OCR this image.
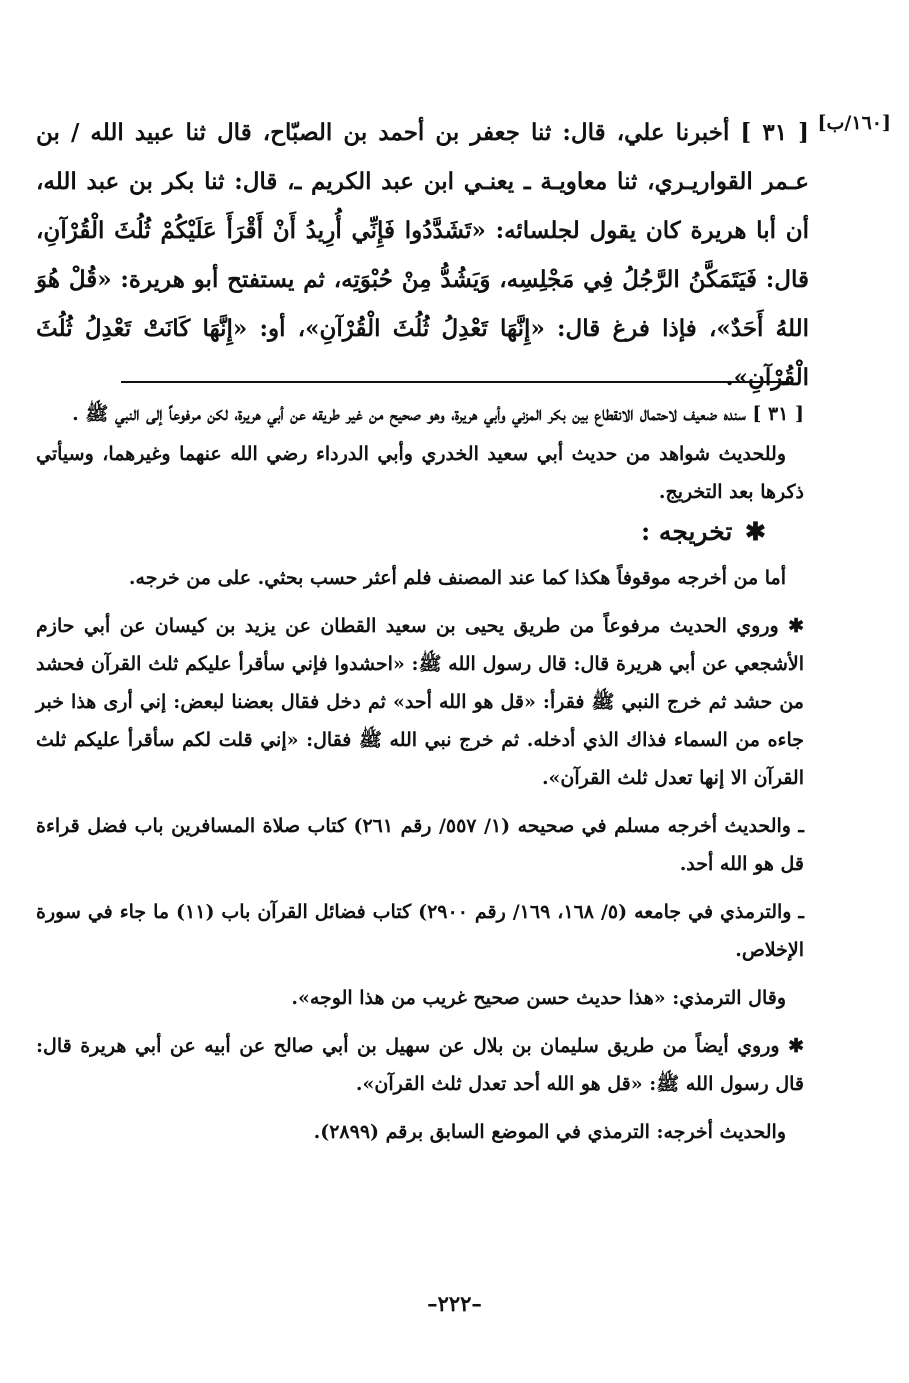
[١٦٠/ب]
[ ٣١ ] أخبرنا علي، قال: ثنا جعفر بن أحمد بن الصبّاح، قال ثنا عبيد الله / بن عـمر القواريـري، ثنا معاويـة ـ يعنـي ابن عبد الكريم ـ، قال: ثنا بكر بن عبد الله، أن أبا هريرة كان يقول لجلسائه: «تَشَدَّدُوا فَإِنِّي أُرِيدُ أَنْ أَقْرَأَ عَلَيْكُمْ ثُلُثَ الْقُرْآنِ، قال: فَيَتَمَكَّنُ الرَّجُلُ فِي مَجْلِسِه، وَيَشُدُّ مِنْ حُبْوَتِه، ثم يستفتح أبو هريرة: «قُلْ هُوَ اللهُ أَحَدٌ»، فإذا فرغ قال: «إِنَّهَا تَعْدِلُ ثُلُثَ الْقُرْآنِ»، أو: «إِنَّهَا كَانَتْ تَعْدِلُ ثُلُثَ الْقُرْآنِ».

[ ٣١ ] سنده ضعيف لاحتمال الانقطاع بين بكر المزني وأبي هريرة، وهو صحيح من غير طريقه عن أبي هريرة، لكن مرفوعاً إلى النبي ﷺ .

وللحديث شواهد من حديث أبي سعيد الخدري وأبي الدرداء رضي الله عنهما وغيرهما، وسيأتي ذكرها بعد التخريج.

✱ تخريجه :

أما من أخرجه موقوفاً هكذا كما عند المصنف فلم أعثر حسب بحثي. على من خرجه.

✱ وروي الحديث مرفوعاً من طريق يحيى بن سعيد القطان عن يزيد بن كيسان عن أبي حازم الأشجعي عن أبي هريرة قال: قال رسول الله ﷺ: «احشدوا فإني سأقرأ عليكم ثلث القرآن فحشد من حشد ثم خرج النبي ﷺ فقرأ: «قل هو الله أحد» ثم دخل فقال بعضنا لبعض: إني أرى هذا خبر جاءه من السماء فذاك الذي أدخله. ثم خرج نبي الله ﷺ فقال: «إني قلت لكم سأقرأ عليكم ثلث القرآن الا إنها تعدل ثلث القرآن».

ـ والحديث أخرجه مسلم في صحيحه (١/ ٥٥٧/ رقم ٢٦١) كتاب صلاة المسافرين باب فضل قراءة قل هو الله أحد.

ـ والترمذي في جامعه (٥/ ١٦٨، ١٦٩/ رقم ٢٩٠٠) كتاب فضائل القرآن باب (١١) ما جاء في سورة الإخلاص.

وقال الترمذي: «هذا حديث حسن صحيح غريب من هذا الوجه».

✱ وروي أيضاً من طريق سليمان بن بلال عن سهيل بن أبي صالح عن أبيه عن أبي هريرة قال: قال رسول الله ﷺ: «قل هو الله أحد تعدل ثلث القرآن».

والحديث أخرجه: الترمذي في الموضع السابق برقم (٢٨٩٩).

–٢٢٢–
